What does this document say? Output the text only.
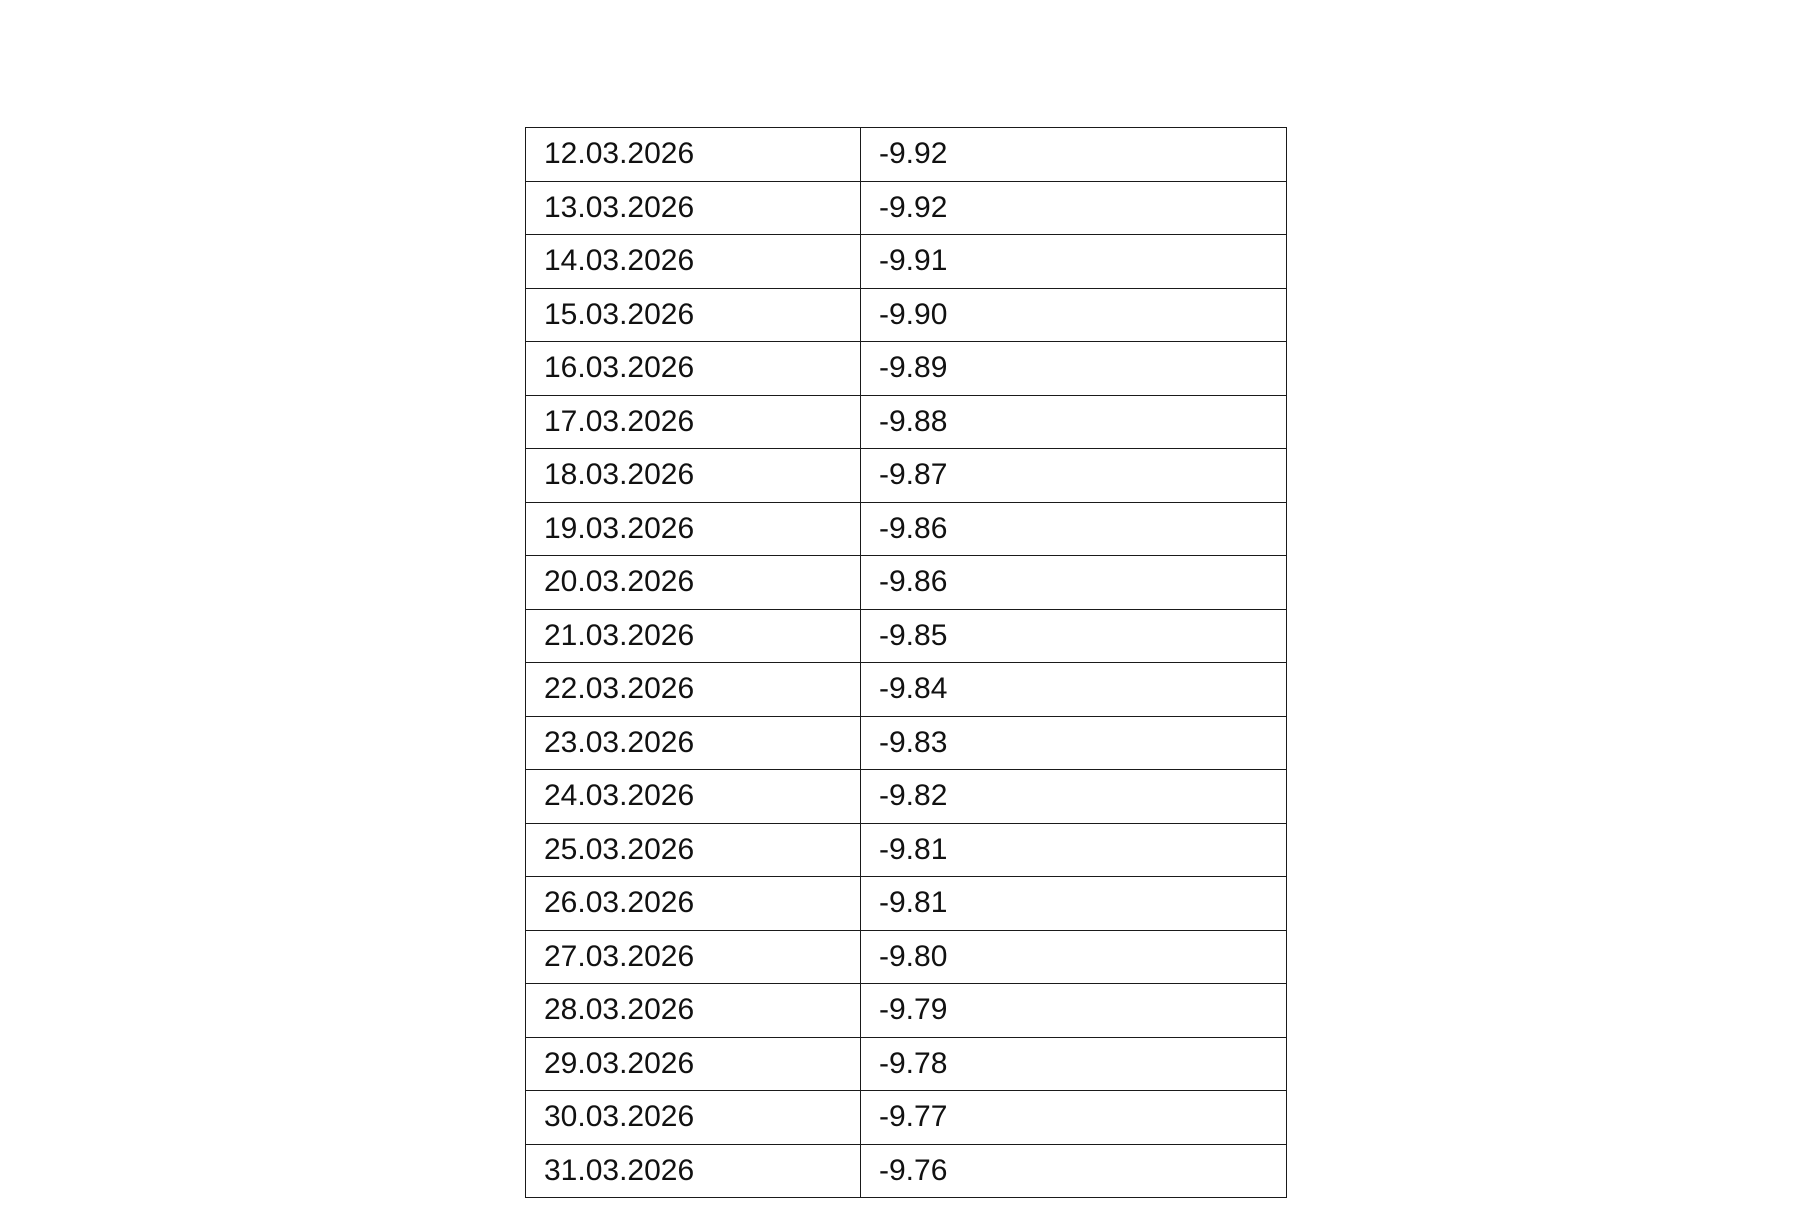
12.03.2026	-9.92
13.03.2026	-9.92
14.03.2026	-9.91
15.03.2026	-9.90
16.03.2026	-9.89
17.03.2026	-9.88
18.03.2026	-9.87
19.03.2026	-9.86
20.03.2026	-9.86
21.03.2026	-9.85
22.03.2026	-9.84
23.03.2026	-9.83
24.03.2026	-9.82
25.03.2026	-9.81
26.03.2026	-9.81
27.03.2026	-9.80
28.03.2026	-9.79
29.03.2026	-9.78
30.03.2026	-9.77
31.03.2026	-9.76
